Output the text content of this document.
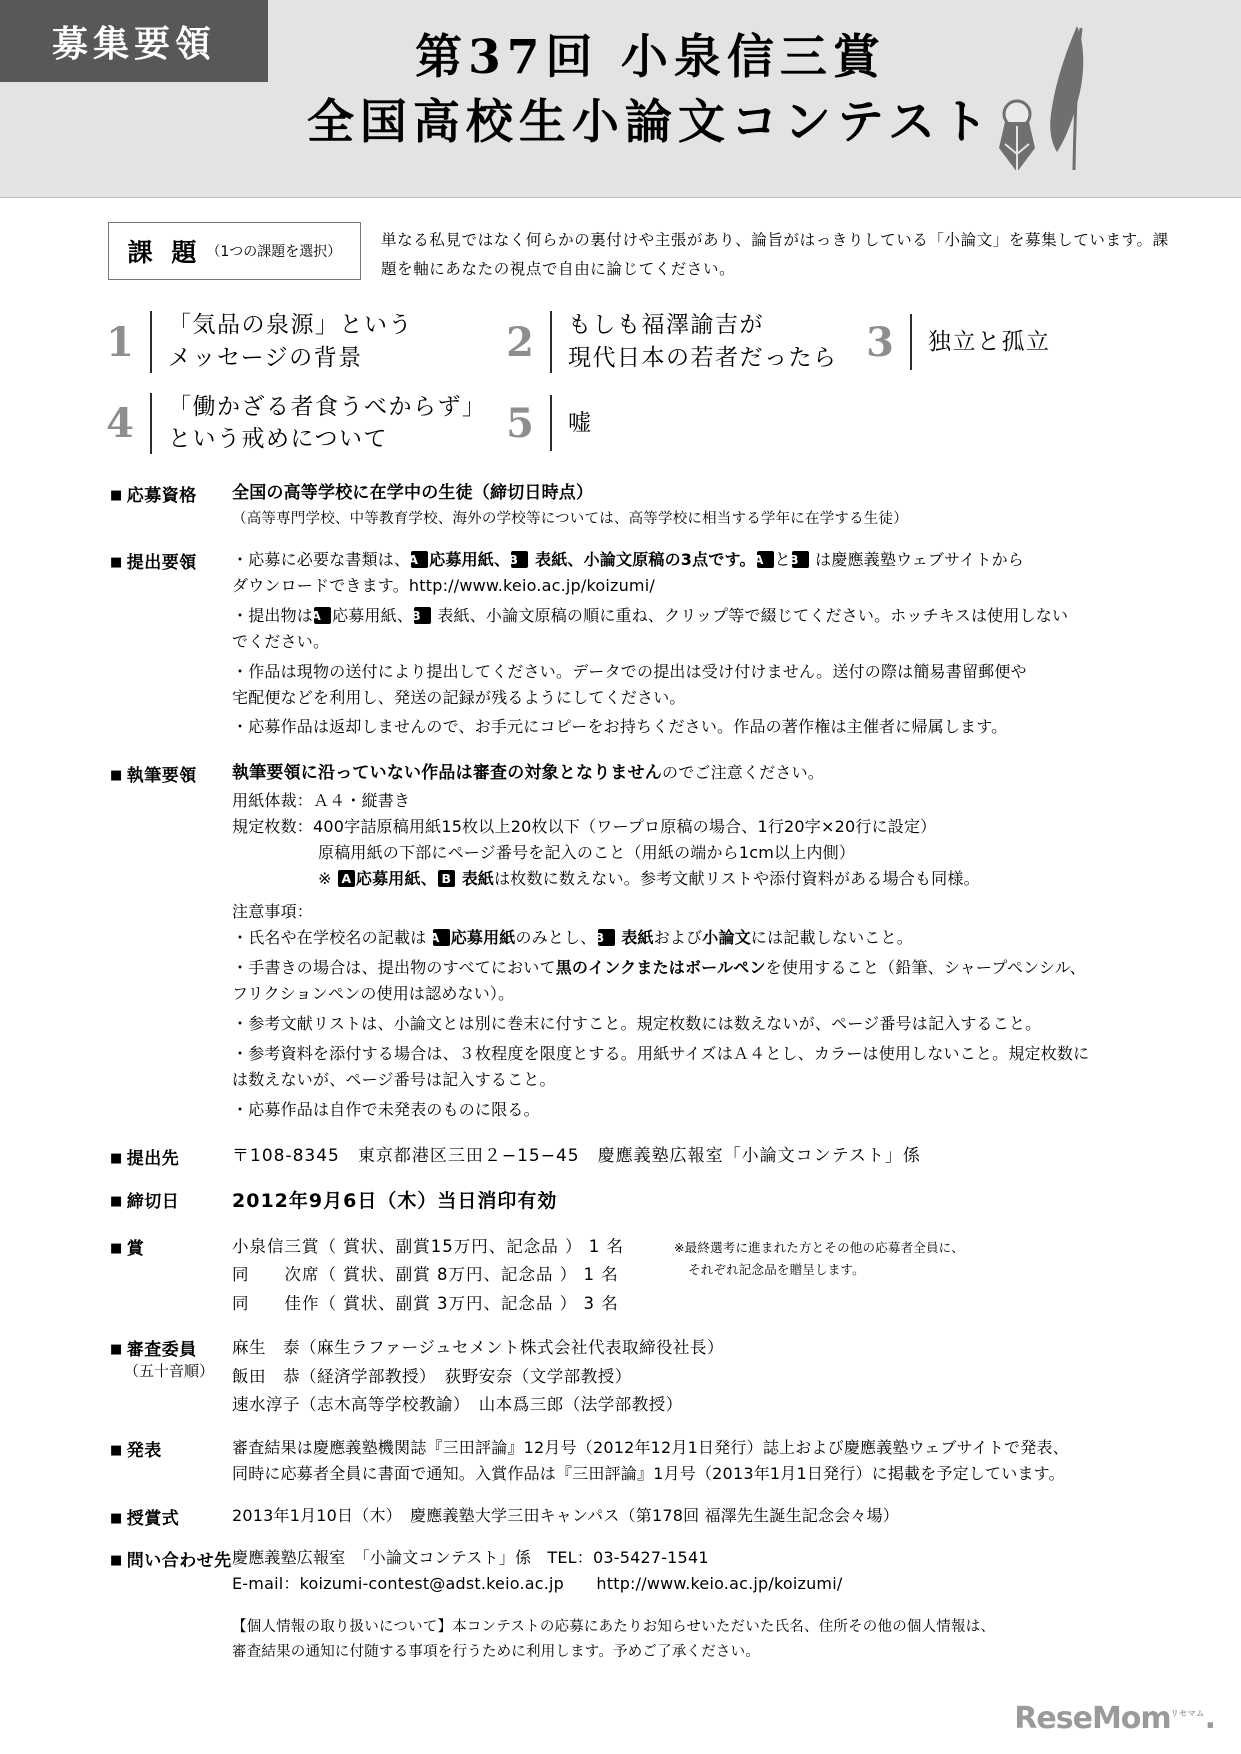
募集要領	第37回 小泉信三賞
全国高校生小論文コンテスト
課 題 （1つの課題を選択）
単なる私見ではなく何らかの裏付けや主張があり、論旨がはっきりしている「小論文」を募集しています。課題を軸にあなたの視点で自由に論じてください。
1 「気品の泉源」という
メッセージの背景	2 もしも福澤諭吉が
現代日本の若者だったら 3 独立と孤立
4 「働かざる者食うべからず」
という戒めについて	5 嘘
■ 応募資格	全国の高等学校に在学中の生徒（締切日時点）
（高等専門学校、中等教育学校、海外の学校等については、高等学校に相当する学年に在学する生徒）
■ 提出要領	・応募に必要な書類は、A 応募用紙、B 表紙、小論文原稿の3点です。A とB は慶應義塾ウェブサイトから
ダウンロードできます。http://www.keio.ac.jp/koizumi/
・提出物はA 応募用紙、B 表紙、小論文原稿の順に重ね、クリップ等で綴じてください。ホッチキスは使用しない
でください。
・作品は現物の送付により提出してください。データでの提出は受け付けません。送付の際は簡易書留郵便や
宅配便などを利用し、発送の記録が残るようにしてください。
・応募作品は返却しませんので、お手元にコピーをお持ちください。作品の著作権は主催者に帰属します。
■ 執筆要領	執筆要領に沿っていない作品は審査の対象となりませんのでご注意ください。
用紙体裁：Ａ４・縦書き
規定枚数：400字詰原稿用紙15枚以上20枚以下（ワープロ原稿の場合、1行20字×20行に設定）
原稿用紙の下部にページ番号を記入のこと（用紙の端から1cm以上内側）
※ A 応募用紙、 B 表紙は枚数に数えない。参考文献リストや添付資料がある場合も同様。
注意事項：
・氏名や在学校名の記載は A 応募用紙のみとし、B 表紙および小論文には記載しないこと。
・手書きの場合は、提出物のすべてにおいて黒のインクまたはボールペンを使用すること（鉛筆、シャープペンシル、
フリクションペンの使用は認めない）。
・参考文献リストは、小論文とは別に巻末に付すこと。規定枚数には数えないが、ページ番号は記入すること。
・参考資料を添付する場合は、３枚程度を限度とする。用紙サイズはＡ４とし、カラーは使用しないこと。規定枚数に
は数えないが、ページ番号は記入すること。
・応募作品は自作で未発表のものに限る。
■ 提出先	〒108-8345　東京都港区三田２−15−45　慶應義塾広報室「小論文コンテスト」係
■ 締切日	2012年9月6日（木）当日消印有効
■ 賞	小泉信三賞（ 賞状、副賞15万円、記念品 ） 1 名
同　　次席（ 賞状、副賞 8万円、記念品 ） 1 名
同　　佳作（ 賞状、副賞 3万円、記念品 ） 3 名
※最終選考に進まれた方とその他の応募者全員に、
それぞれ記念品を贈呈します。
■ 審査委員
（五十音順）
麻生　泰（麻生ラファージュセメント株式会社代表取締役社長）
飯田　恭（経済学部教授）　荻野安奈（文学部教授）
速水淳子（志木高等学校教諭）　山本爲三郎（法学部教授）
■ 発表	審査結果は慶應義塾機関誌『三田評論』12月号（2012年12月1日発行）誌上および慶應義塾ウェブサイトで発表、
同時に応募者全員に書面で通知。入賞作品は『三田評論』1月号（2013年1月1日発行）に掲載を予定しています。
■ 授賞式	2013年1月10日（木）　慶應義塾大学三田キャンパス（第178回 福澤先生誕生記念会々場）
■ 問い合わせ先 慶應義塾広報室　「小論文コンテスト」係　TEL：03-5427-1541
E-mail：koizumi-contest@adst.keio.ac.jp　　http://www.keio.ac.jp/koizumi/
【個人情報の取り扱いについて】本コンテストの応募にあたりお知らせいただいた氏名、住所その他の個人情報は、
審査結果の通知に付随する事項を行うために利用します。予めご了承ください。
ReseMom$^{リセマム}$.
